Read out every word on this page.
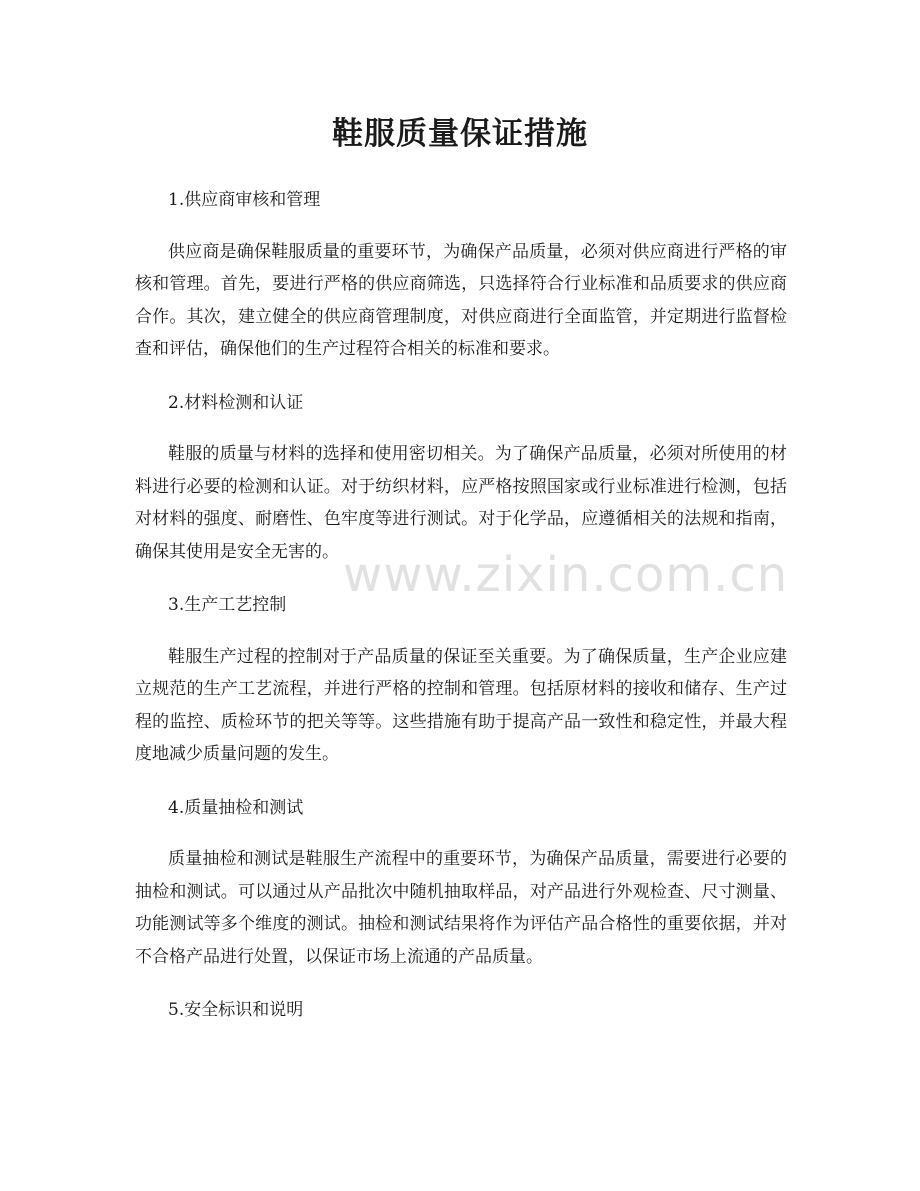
鞋服质量保证措施

1.供应商审核和管理

供应商是确保鞋服质量的重要环节，为确保产品质量，必须对供应商进行严格的审核和管理。首先，要进行严格的供应商筛选，只选择符合行业标准和品质要求的供应商合作。其次，建立健全的供应商管理制度，对供应商进行全面监管，并定期进行监督检查和评估，确保他们的生产过程符合相关的标准和要求。

2.材料检测和认证

鞋服的质量与材料的选择和使用密切相关。为了确保产品质量，必须对所使用的材料进行必要的检测和认证。对于纺织材料，应严格按照国家或行业标准进行检测，包括对材料的强度、耐磨性、色牢度等进行测试。对于化学品，应遵循相关的法规和指南，确保其使用是安全无害的。

3.生产工艺控制

鞋服生产过程的控制对于产品质量的保证至关重要。为了确保质量，生产企业应建立规范的生产工艺流程，并进行严格的控制和管理。包括原材料的接收和储存、生产过程的监控、质检环节的把关等等。这些措施有助于提高产品一致性和稳定性，并最大程度地减少质量问题的发生。

4.质量抽检和测试

质量抽检和测试是鞋服生产流程中的重要环节，为确保产品质量，需要进行必要的抽检和测试。可以通过从产品批次中随机抽取样品，对产品进行外观检查、尺寸测量、功能测试等多个维度的测试。抽检和测试结果将作为评估产品合格性的重要依据，并对不合格产品进行处置，以保证市场上流通的产品质量。

5.安全标识和说明

www.zixin.com.cn
